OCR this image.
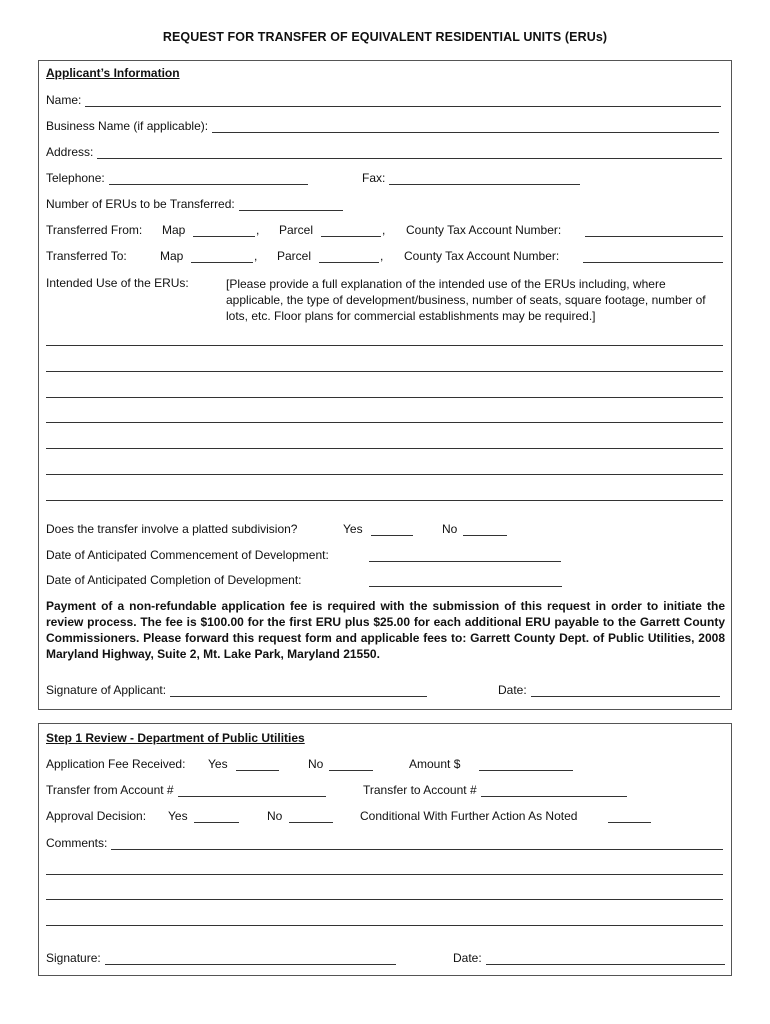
REQUEST FOR TRANSFER OF EQUIVALENT RESIDENTIAL UNITS (ERUs)
Applicant’s Information
Name:
Business Name (if applicable):
Address:
Telephone:	Fax:
Number of ERUs to be Transferred:
Transferred From: Map	, Parcel	, County Tax Account Number:
Transferred To:	Map	, Parcel	, County Tax Account Number:
Intended Use of the ERUs:	[Please provide a full explanation of the intended use of the ERUs including, where applicable, the type of development/business, number of seats, square footage, number of lots, etc. Floor plans for commercial establishments may be required.]
Does the transfer involve a platted subdivision?	Yes	No
Date of Anticipated Commencement of Development:
Date of Anticipated Completion of Development:
Payment of a non-refundable application fee is required with the submission of this request in order to initiate the review process. The fee is $100.00 for the first ERU plus $25.00 for each additional ERU payable to the Garrett County Commissioners. Please forward this request form and applicable fees to: Garrett County Dept. of Public Utilities, 2008 Maryland Highway, Suite 2, Mt. Lake Park, Maryland 21550.
Signature of Applicant:	Date:
Step 1 Review - Department of Public Utilities
Application Fee Received: Yes	No	Amount $
Transfer from Account #	Transfer to Account #
Approval Decision: Yes	No	Conditional With Further Action As Noted
Comments:
Signature:	Date:
